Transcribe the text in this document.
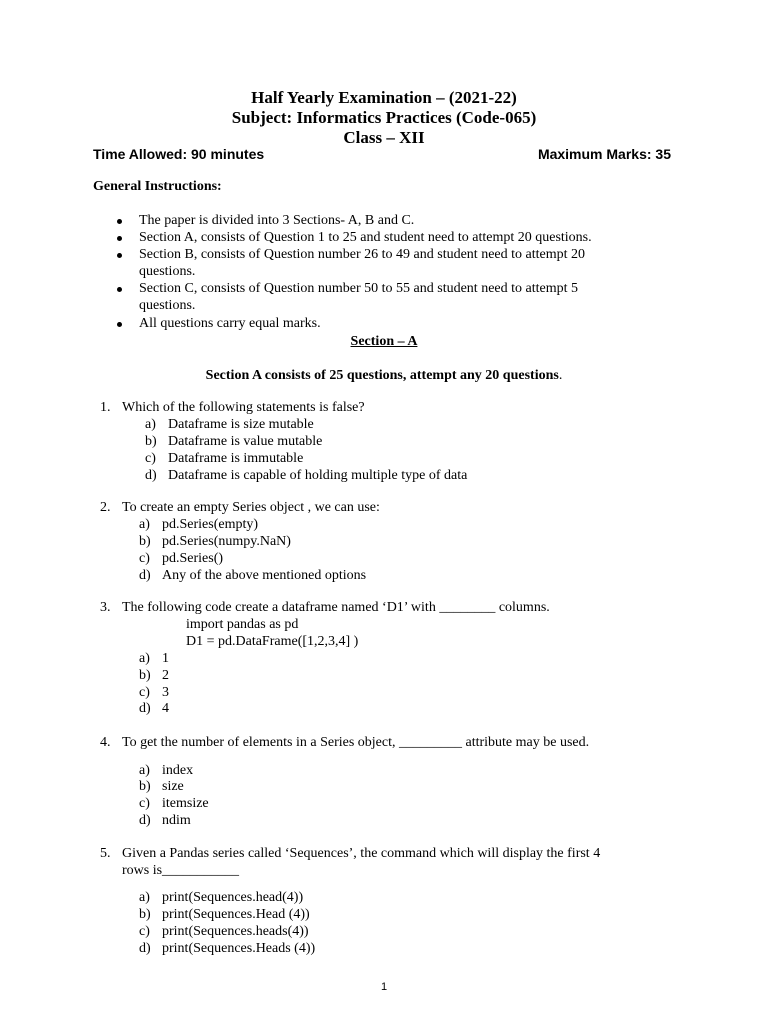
Half Yearly Examination – (2021-22)
Subject: Informatics Practices (Code-065)
Class – XII
Time Allowed: 90 minutes	Maximum Marks: 35
General Instructions:
The paper is divided into 3 Sections- A, B and C.
Section A, consists of Question 1 to 25 and student need to attempt 20 questions.
Section B, consists of Question number 26 to 49 and student need to attempt 20
questions.
Section C, consists of Question number 50 to 55 and student need to attempt 5
questions.
All questions carry equal marks.
Section – A
Section A consists of 25 questions, attempt any 20 questions.
1. Which of the following statements is false?
a) Dataframe is size mutable
b) Dataframe is value mutable
c) Dataframe is immutable
d) Dataframe is capable of holding multiple type of data
2. To create an empty Series object , we can use:
a) pd.Series(empty)
b) pd.Series(numpy.NaN)
c) pd.Series()
d) Any of the above mentioned options
3. The following code create a dataframe named ‘D1’ with ________ columns.
import pandas as pd
D1 = pd.DataFrame([1,2,3,4] )
a) 1
b) 2
c) 3
d) 4
4. To get the number of elements in a Series object, _________ attribute may be used.
a) index
b) size
c) itemsize
d) ndim
5. Given a Pandas series called ‘Sequences’, the command which will display the first 4
rows is___________
a) print(Sequences.head(4))
b) print(Sequences.Head (4))
c) print(Sequences.heads(4))
d) print(Sequences.Heads (4))
1
